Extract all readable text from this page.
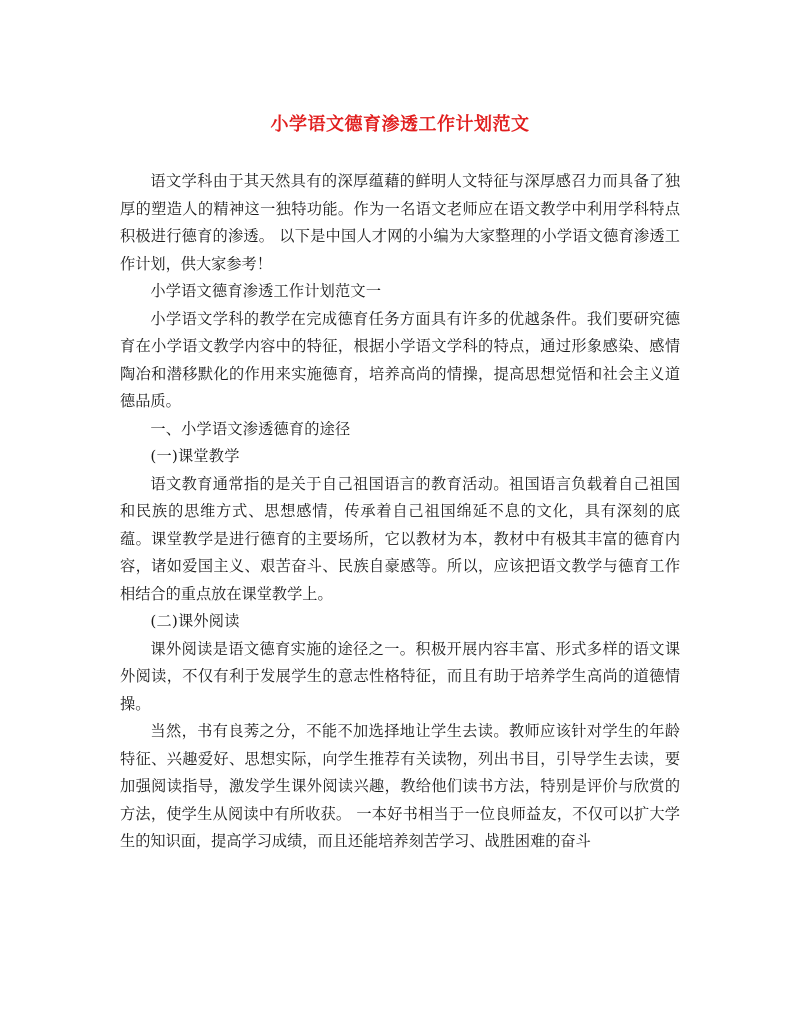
小学语文德育渗透工作计划范文

语文学科由于其天然具有的深厚蕴藉的鲜明人文特征与深厚感召力而具备了独厚的塑造人的精神这一独特功能。作为一名语文老师应在语文教学中利用学科特点积极进行德育的渗透。 以下是中国人才网的小编为大家整理的小学语文德育渗透工作计划，供大家参考！

小学语文德育渗透工作计划范文一

小学语文学科的教学在完成德育任务方面具有许多的优越条件。我们要研究德育在小学语文教学内容中的特征，根据小学语文学科的特点，通过形象感染、感情陶冶和潜移默化的作用来实施德育，培养高尚的情操，提高思想觉悟和社会主义道德品质。

一、小学语文渗透德育的途径

(一)课堂教学

语文教育通常指的是关于自己祖国语言的教育活动。祖国语言负载着自己祖国和民族的思维方式、思想感情，传承着自己祖国绵延不息的文化，具有深刻的底蕴。课堂教学是进行德育的主要场所，它以教材为本，教材中有极其丰富的德育内容，诸如爱国主义、艰苦奋斗、民族自豪感等。所以，应该把语文教学与德育工作相结合的重点放在课堂教学上。

(二)课外阅读

课外阅读是语文德育实施的途径之一。积极开展内容丰富、形式多样的语文课外阅读，不仅有利于发展学生的意志性格特征，而且有助于培养学生高尚的道德情操。

当然，书有良莠之分，不能不加选择地让学生去读。教师应该针对学生的年龄特征、兴趣爱好、思想实际，向学生推荐有关读物，列出书目，引导学生去读，要加强阅读指导，激发学生课外阅读兴趣，教给他们读书方法，特别是评价与欣赏的方法，使学生从阅读中有所收获。 一本好书相当于一位良师益友，不仅可以扩大学生的知识面，提高学习成绩，而且还能培养刻苦学习、战胜困难的奋斗
